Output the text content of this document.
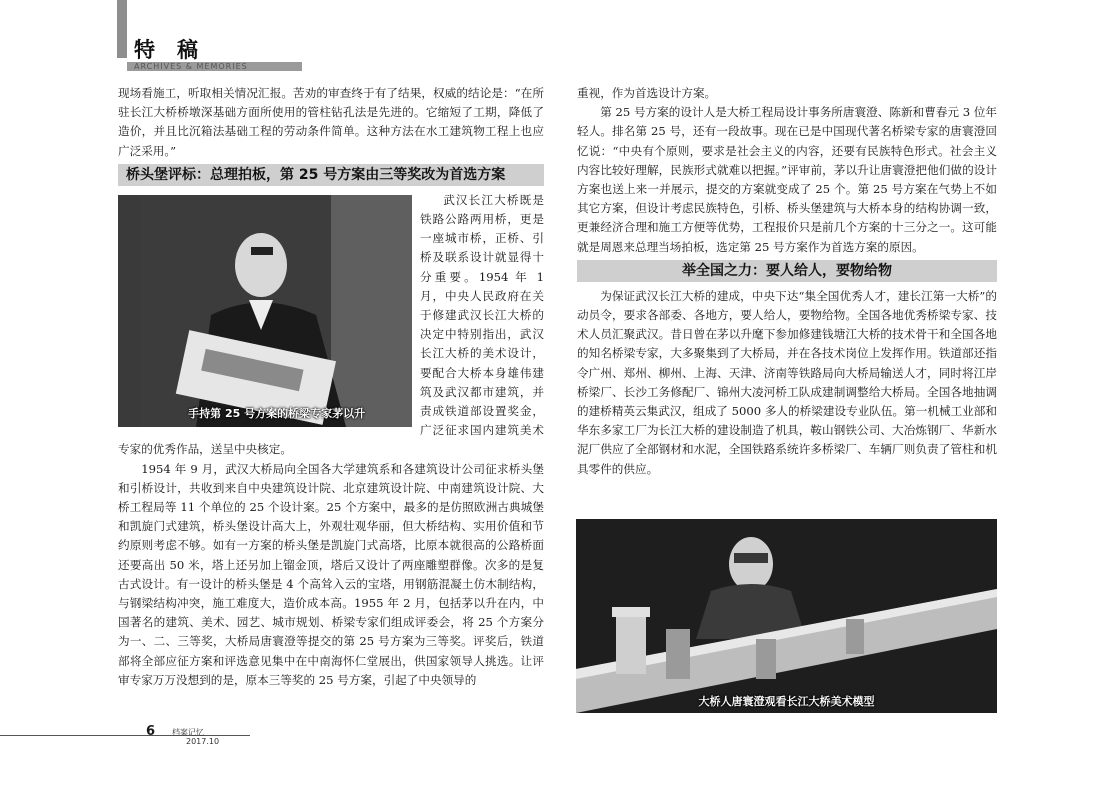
特稿
ARCHIVES & MEMORIES

现场看施工，听取相关情况汇报。苦劝的审查终于有了结果，权威的结论是：“在所驻长江大桥桥墩深基础方面所使用的管柱钻孔法是先进的。它缩短了工期，降低了造价，并且比沉箱法基础工程的劳动条件简单。这种方法在水工建筑物工程上也应广泛采用。”

桥头堡评标：总理拍板，第 25 号方案由三等奖改为首选方案

手持第 25 号方案的桥梁专家茅以升
武汉长江大桥既是铁路公路两用桥，更是一座城市桥，正桥、引桥及联系设计就显得十分重要。1954 年 1 月，中央人民政府在关于修建武汉长江大桥的决定中特别指出，武汉长江大桥的美术设计，要配合大桥本身雄伟建筑及武汉都市建筑，并责成铁道部设置奖金，广泛征求国内建筑美术专家的优秀作品，送呈中央核定。

1954 年 9 月，武汉大桥局向全国各大学建筑系和各建筑设计公司征求桥头堡和引桥设计，共收到来自中央建筑设计院、北京建筑设计院、中南建筑设计院、大桥工程局等 11 个单位的 25 个设计案。25 个方案中，最多的是仿照欧洲古典城堡和凯旋门式建筑，桥头堡设计高大上，外观壮观华丽，但大桥结构、实用价值和节约原则考虑不够。如有一方案的桥头堡是凯旋门式高塔，比原本就很高的公路桥面还要高出 50 米，塔上还另加上镏金顶，塔后又设计了两座雕塑群像。次多的是复古式设计。有一设计的桥头堡是 4 个高耸入云的宝塔，用钢筋混凝土仿木制结构，与钢梁结构冲突，施工难度大，造价成本高。1955 年 2 月，包括茅以升在内，中国著名的建筑、美术、园艺、城市规划、桥梁专家们组成评委会，将 25 个方案分为一、二、三等奖，大桥局唐寰澄等提交的第 25 号方案为三等奖。评奖后，铁道部将全部应征方案和评选意见集中在中南海怀仁堂展出，供国家领导人挑选。让评审专家万万没想到的是，原本三等奖的 25 号方案，引起了中央领导的

重视，作为首选设计方案。

第 25 号方案的设计人是大桥工程局设计事务所唐寰澄、陈新和曹春元 3 位年轻人。排名第 25 号，还有一段故事。现在已是中国现代著名桥梁专家的唐寰澄回忆说：“中央有个原则，要求是社会主义的内容，还要有民族特色形式。社会主义内容比较好理解，民族形式就难以把握。”评审前，茅以升让唐寰澄把他们做的设计方案也送上来一并展示，提交的方案就变成了 25 个。第 25 号方案在气势上不如其它方案，但设计考虑民族特色，引桥、桥头堡建筑与大桥本身的结构协调一致，更兼经济合理和施工方便等优势，工程报价只是前几个方案的十三分之一。这可能就是周恩来总理当场拍板，选定第 25 号方案作为首选方案的原因。

举全国之力：要人给人，要物给物

为保证武汉长江大桥的建成，中央下达“集全国优秀人才，建长江第一大桥”的动员令，要求各部委、各地方，要人给人，要物给物。全国各地优秀桥梁专家、技术人员汇聚武汉。昔日曾在茅以升麾下参加修建钱塘江大桥的技术骨干和全国各地的知名桥梁专家，大多聚集到了大桥局，并在各技术岗位上发挥作用。铁道部还指令广州、郑州、柳州、上海、天津、济南等铁路局向大桥局输送人才，同时将江岸桥梁厂、长沙工务修配厂、锦州大凌河桥工队成建制调整给大桥局。全国各地抽调的建桥精英云集武汉，组成了 5000 多人的桥梁建设专业队伍。第一机械工业部和华东多家工厂为长江大桥的建设制造了机具，鞍山钢铁公司、大冶炼钢厂、华新水泥厂供应了全部钢材和水泥，全国铁路系统许多桥梁厂、车辆厂则负责了管柱和机具零件的供应。

大桥人唐寰澄观看长江大桥美术模型
6 档案记忆
2017.10
